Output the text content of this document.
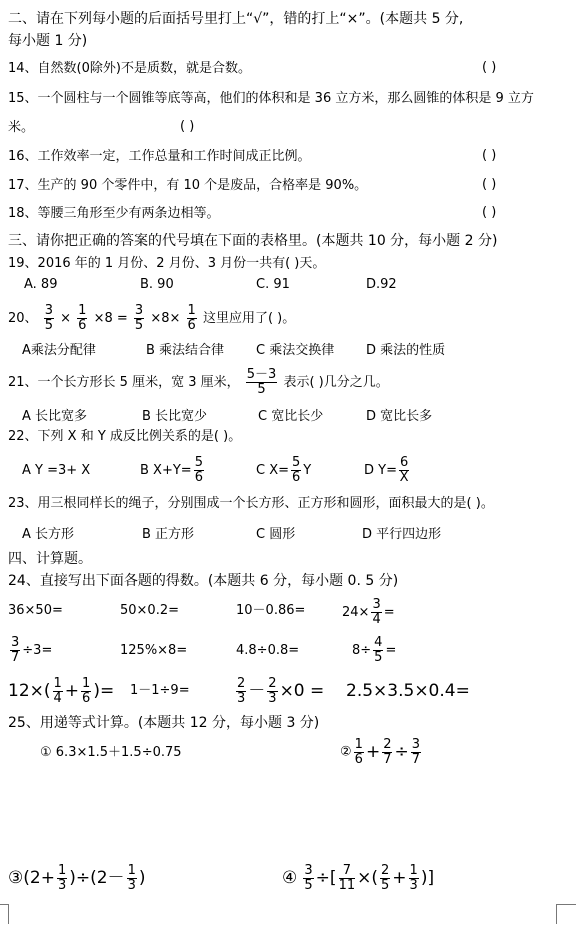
二、请在下列每小题的后面括号里打上“√”，错的打上“×”。(本题共 5 分,
每小题 1 分)
14、自然数(0除外)不是质数，就是合数。	( )
15、一个圆柱与一个圆锥等底等高，他们的体积和是 36 立方米，那么圆锥的体积是 9 立方
米。	( )
16、工作效率一定，工作总量和工作时间成正比例。	( )
17、生产的 90 个零件中，有 10 个是废品，合格率是 90%。	( )
18、等腰三角形至少有两条边相等。	( )
三、请你把正确的答案的代号填在下面的表格里。(本题共 10 分，每小题 2 分)
19、2016 年的 1 月份、2 月份、3 月份一共有( )天。
A. 89	B. 90	C. 91	D.92
20、 $\frac{3}{5} \times \frac{1}{6} \times 8 = \frac{3}{5} \times 8\times \frac{1}{6}$ 这里应用了( )。
A乘法分配律	B 乘法结合律 C 乘法交换律 D 乘法的性质
21、一个长方形长 5 厘米，宽 3 厘米， $\frac{5-3}{5}$ 表示( )几分之几。
A 长比宽多	B 长比宽少	C 宽比长少	D 宽比长多
22、下列 X 和 Y 成反比例关系的是( )。
A Y =3+ X	B $X+Y= \frac{5}{6}$	C $X= \frac{5}{6}$ Y	D $Y= \frac{6}{X}$
23、用三根同样长的绳子，分别围成一个长方形、正方形和圆形，面积最大的是( )。
A 长方形	B 正方形	C 圆形	D 平行四边形
四、计算题。
24、直接写出下面各题的得数。(本题共 6 分，每小题 0. 5 分)
36×50=	50×0.2=	10－0.86=	$24\times \frac{3}{4}$ =
$\frac{3}{7} \div 3=$	125%×8=	4.8÷0.8=	$8\div \frac{4}{5}$ =
$12\times( \frac{1}{4} + \frac{1}{6}$ )= 1－1÷9=	$\frac{2}{3} - \frac{2}{3} \times 0 = 2.5\times 3.5\times 0.4=$
25、用递等式计算。(本题共 12 分，每小题 3 分)
① 6.3×1.5＋1.5÷0.75	② $\frac{1}{6} + \frac{2}{7} \div \frac{3}{7}$
③(2+ $\frac{1}{3} )\div(2- \frac{1}{3}$ )	④ $\frac{3}{5}$ ÷[ $\frac{7}{11}$ ×( $\frac{2}{5} + \frac{1}{3}$ )]
